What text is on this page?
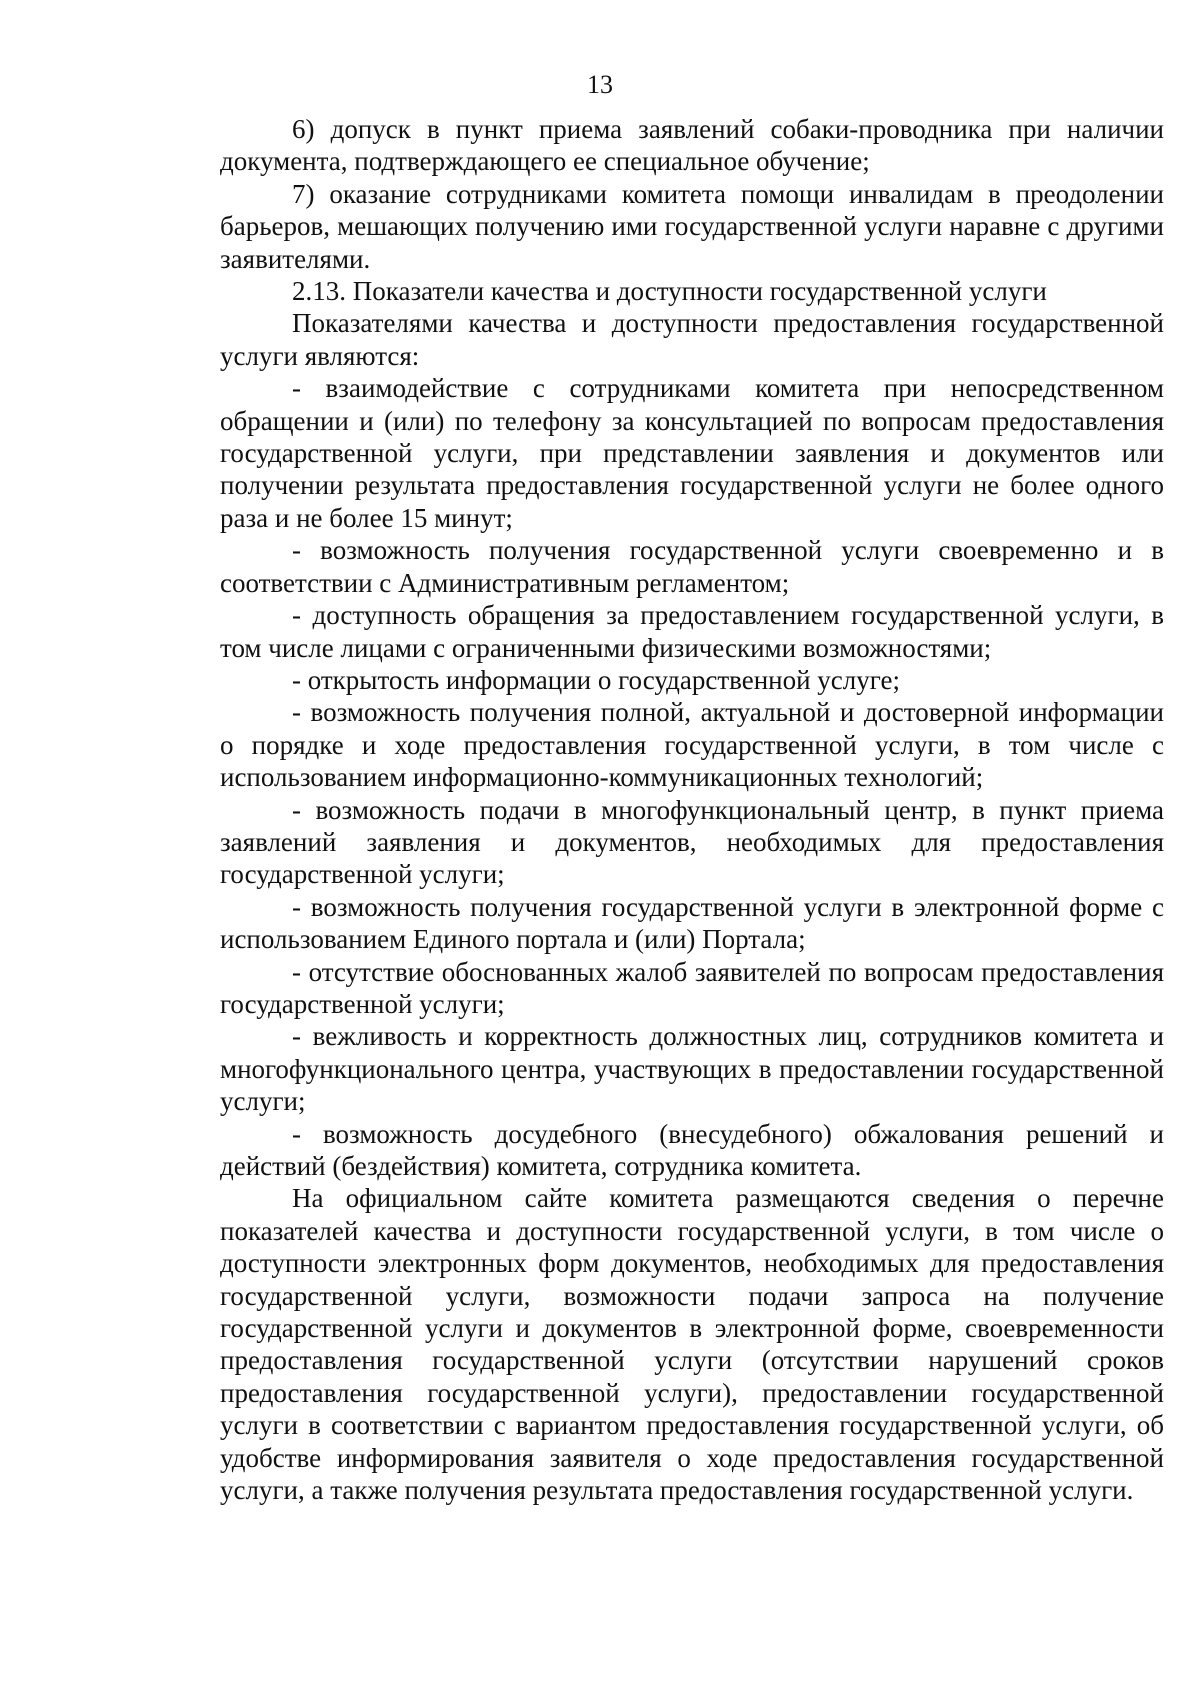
13

6) допуск в пункт приема заявлений собаки-проводника при наличии документа, подтверждающего ее специальное обучение;

7) оказание сотрудниками комитета помощи инвалидам в преодолении барьеров, мешающих получению ими государственной услуги наравне с другими заявителями.

2.13. Показатели качества и доступности государственной услуги

Показателями качества и доступности предоставления государственной услуги являются:

- взаимодействие с сотрудниками комитета при непосредственном обращении и (или) по телефону за консультацией по вопросам предоставления государственной услуги, при представлении заявления и документов или получении результата предоставления государственной услуги не более одного раза и не более 15 минут;

- возможность получения государственной услуги своевременно и в соответствии с Административным регламентом;

- доступность обращения за предоставлением государственной услуги, в том числе лицами с ограниченными физическими возможностями;

- открытость информации о государственной услуге;

- возможность получения полной, актуальной и достоверной информации о порядке и ходе предоставления государственной услуги, в том числе с использованием информационно-коммуникационных технологий;

- возможность подачи в многофункциональный центр, в пункт приема заявлений заявления и документов, необходимых для предоставления государственной услуги;

- возможность получения государственной услуги в электронной форме с использованием Единого портала и (или) Портала;

- отсутствие обоснованных жалоб заявителей по вопросам предоставления государственной услуги;

- вежливость и корректность должностных лиц, сотрудников комитета и многофункционального центра, участвующих в предоставлении государственной услуги;

- возможность досудебного (внесудебного) обжалования решений и действий (бездействия) комитета, сотрудника комитета.

На официальном сайте комитета размещаются сведения о перечне показателей качества и доступности государственной услуги, в том числе о доступности электронных форм документов, необходимых для предоставления государственной услуги, возможности подачи запроса на получение государственной услуги и документов в электронной форме, своевременности предоставления государственной услуги (отсутствии нарушений сроков предоставления государственной услуги), предоставлении государственной услуги в соответствии с вариантом предоставления государственной услуги, об удобстве информирования заявителя о ходе предоставления государственной услуги, а также получения результата предоставления государственной услуги.
